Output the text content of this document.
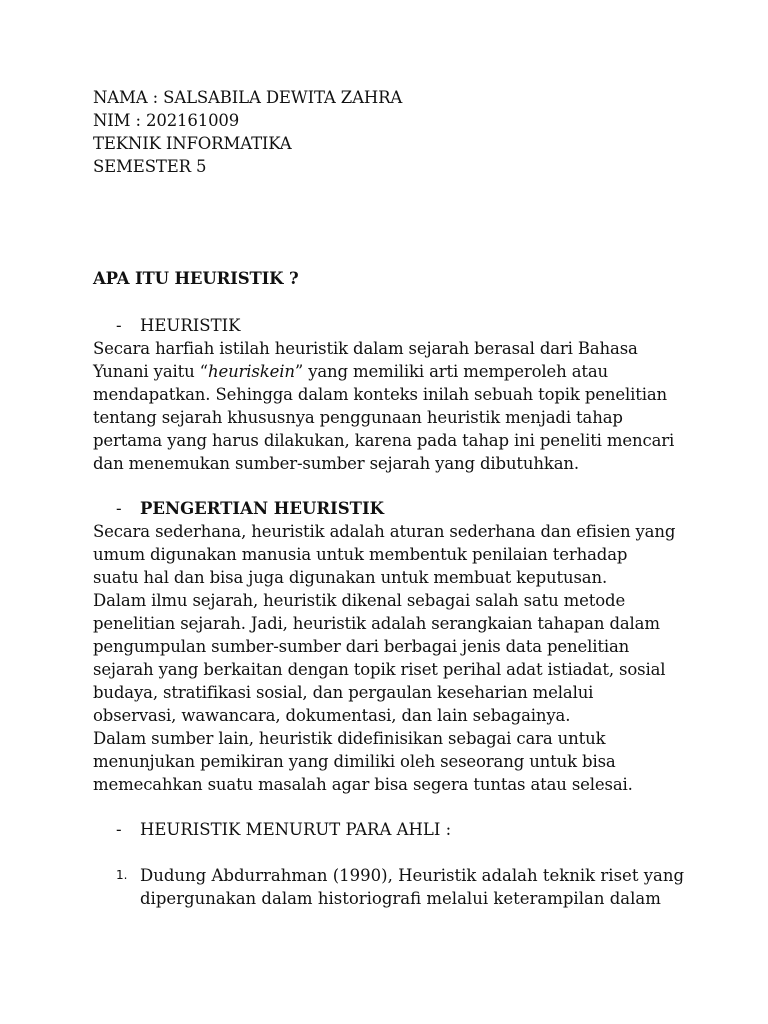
NAMA : SALSABILA DEWITA ZAHRA
NIM : 202161009
TEKNIK INFORMATIKA
SEMESTER 5
APA ITU HEURISTIK ?
- HEURISTIK
Secara harfiah istilah heuristik dalam sejarah berasal dari Bahasa
Yunani yaitu “heuriskein” yang memiliki arti memperoleh atau
mendapatkan. Sehingga dalam konteks inilah sebuah topik penelitian
tentang sejarah khususnya penggunaan heuristik menjadi tahap
pertama yang harus dilakukan, karena pada tahap ini peneliti mencari
dan menemukan sumber-sumber sejarah yang dibutuhkan.
- PENGERTIAN HEURISTIK
Secara sederhana, heuristik adalah aturan sederhana dan efisien yang
umum digunakan manusia untuk membentuk penilaian terhadap
suatu hal dan bisa juga digunakan untuk membuat keputusan.
Dalam ilmu sejarah, heuristik dikenal sebagai salah satu metode
penelitian sejarah. Jadi, heuristik adalah serangkaian tahapan dalam
pengumpulan sumber-sumber dari berbagai jenis data penelitian
sejarah yang berkaitan dengan topik riset perihal adat istiadat, sosial
budaya, stratifikasi sosial, dan pergaulan keseharian melalui
observasi, wawancara, dokumentasi, dan lain sebagainya.
Dalam sumber lain, heuristik didefinisikan sebagai cara untuk
menunjukan pemikiran yang dimiliki oleh seseorang untuk bisa
memecahkan suatu masalah agar bisa segera tuntas atau selesai.
- HEURISTIK MENURUT PARA AHLI :
1. Dudung Abdurrahman (1990), Heuristik adalah teknik riset yang
dipergunakan dalam historiografi melalui keterampilan dalam
